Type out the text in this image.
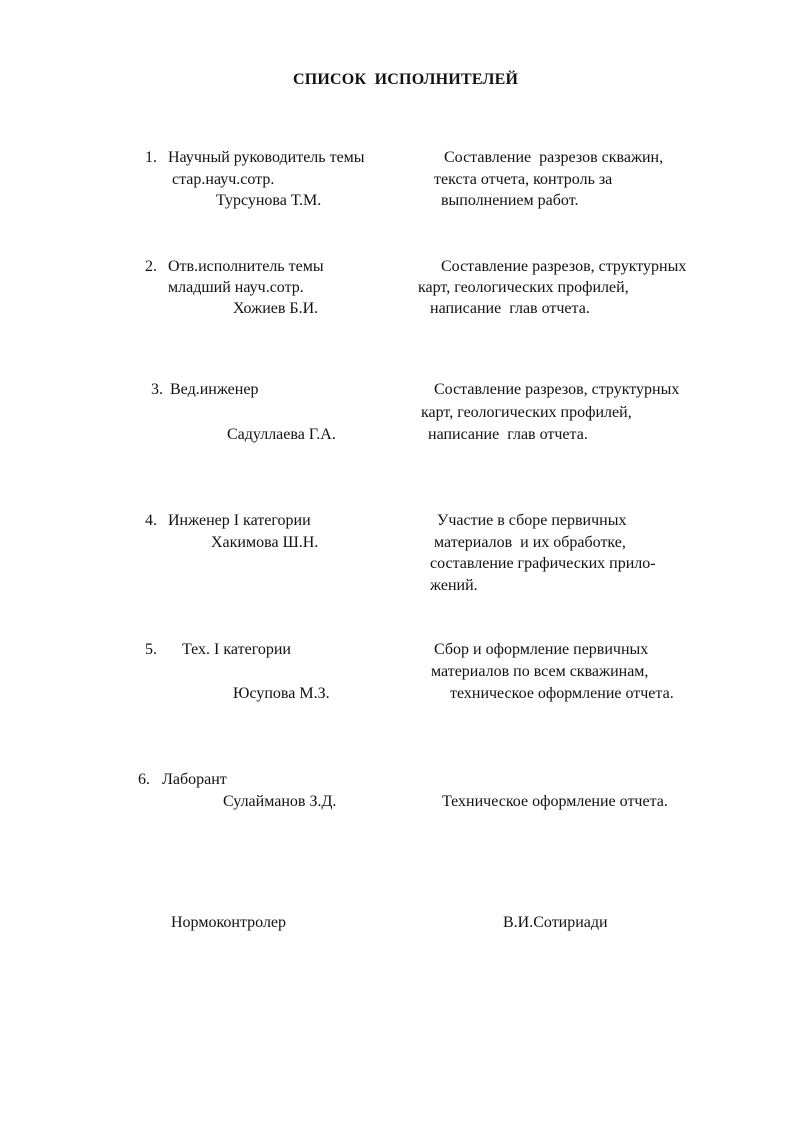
СПИСОК  ИСПОЛНИТЕЛЕЙ
1. Научный руководитель темы
стар.науч.сотр.
Турсунова Т.М.
Составление  разрезов скважин,
текста отчета, контроль за
выполнением работ.
2. Отв.исполнитель темы
младший науч.сотр.
Хожиев Б.И.
Составление разрезов, структурных
карт, геологических профилей,
написание  глав отчета.
3. Вед.инженер
Садуллаева Г.А.
Составление разрезов, структурных
карт, геологических профилей,
написание  глав отчета.
4. Инженер I категории
Хакимова Ш.Н.
Участие в сборе первичных
материалов  и их обработке,
составление графических прило-
жений.
5. Тех. I категории
Юсупова М.З.
Сбор и оформление первичных
материалов по всем скважинам,
техническое оформление отчета.
6. Лаборант
Сулайманов З.Д.	Техническое оформление отчета.
Нормоконтролер	В.И.Сотириади
